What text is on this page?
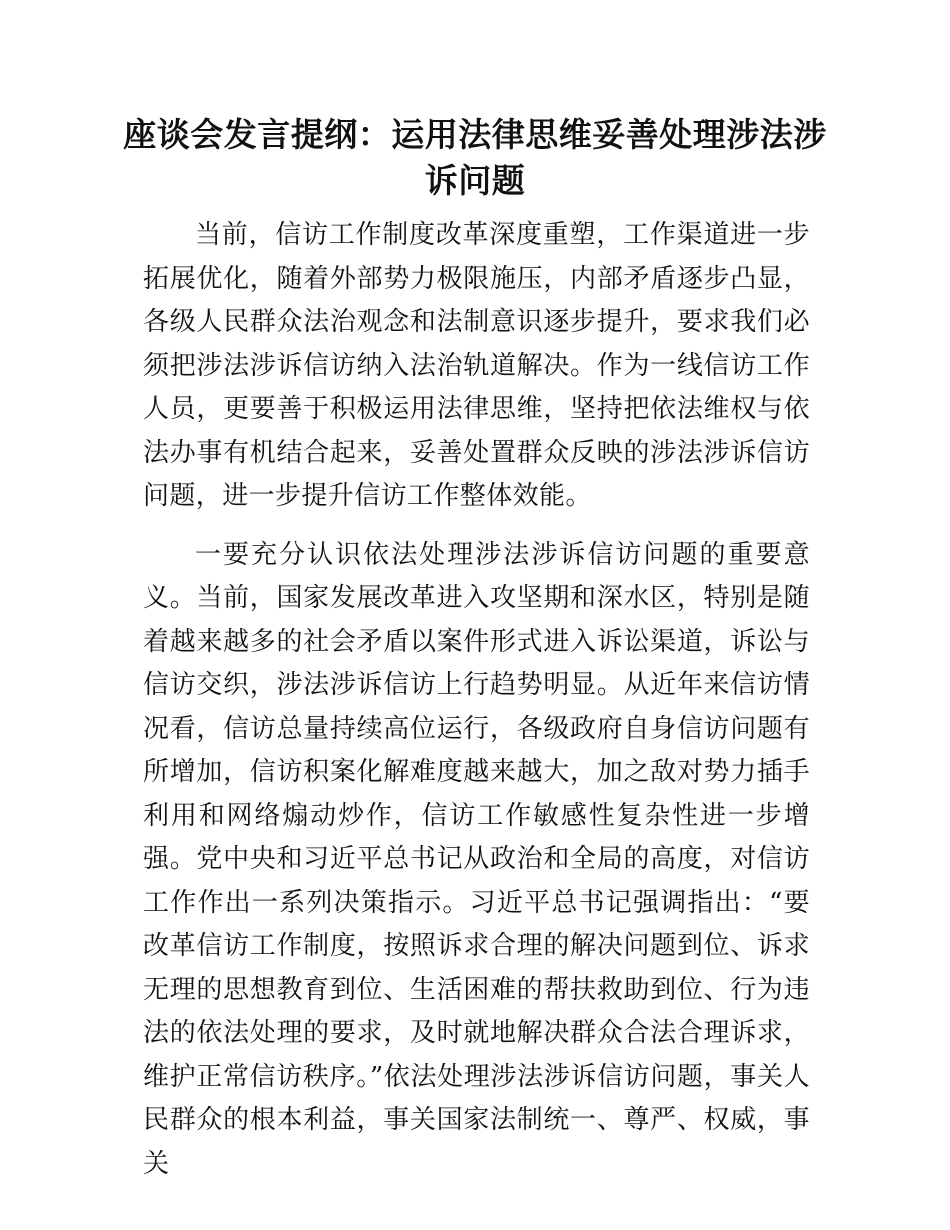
座谈会发言提纲：运用法律思维妥善处理涉法涉诉问题

当前，信访工作制度改革深度重塑，工作渠道进一步拓展优化，随着外部势力极限施压，内部矛盾逐步凸显，各级人民群众法治观念和法制意识逐步提升，要求我们必须把涉法涉诉信访纳入法治轨道解决。作为一线信访工作人员，更要善于积极运用法律思维，坚持把依法维权与依法办事有机结合起来，妥善处置群众反映的涉法涉诉信访问题，进一步提升信访工作整体效能。

一要充分认识依法处理涉法涉诉信访问题的重要意义。当前，国家发展改革进入攻坚期和深水区，特别是随着越来越多的社会矛盾以案件形式进入诉讼渠道，诉讼与信访交织，涉法涉诉信访上行趋势明显。从近年来信访情况看，信访总量持续高位运行，各级政府自身信访问题有所增加，信访积案化解难度越来越大，加之敌对势力插手利用和网络煽动炒作，信访工作敏感性复杂性进一步增强。党中央和习近平总书记从政治和全局的高度，对信访工作作出一系列决策指示。习近平总书记强调指出：“要改革信访工作制度，按照诉求合理的解决问题到位、诉求无理的思想教育到位、生活困难的帮扶救助到位、行为违法的依法处理的要求，及时就地解决群众合法合理诉求，维护正常信访秩序。”依法处理涉法涉诉信访问题，事关人民群众的根本利益，事关国家法制统一、尊严、权威，事关
